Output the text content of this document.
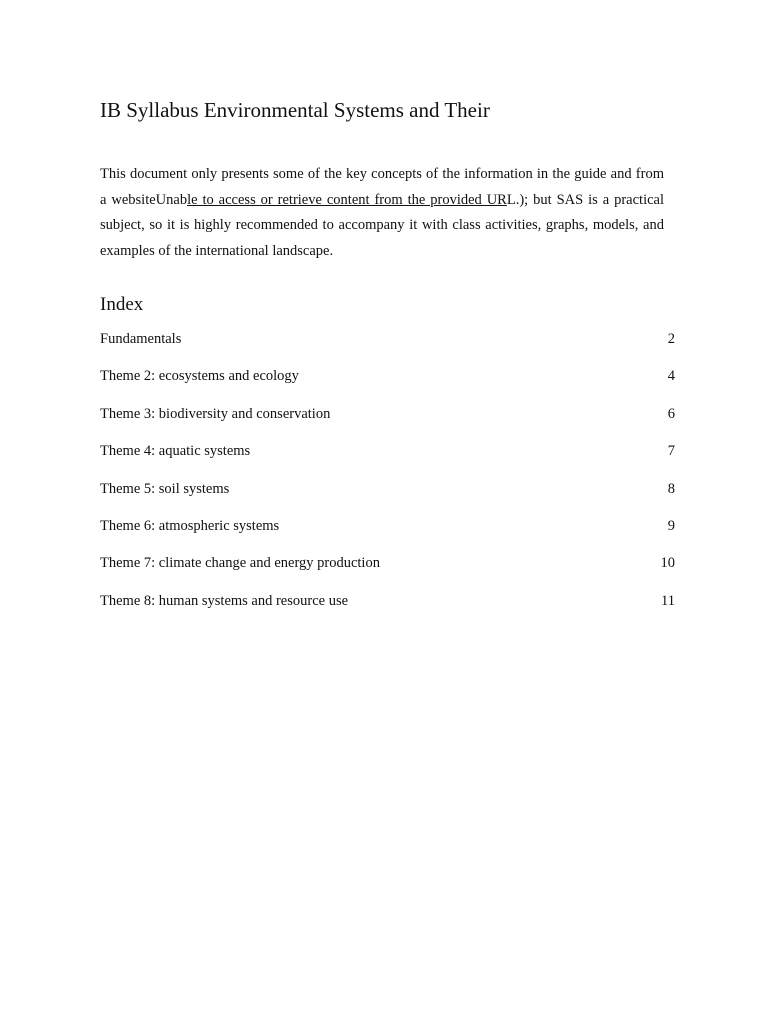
IB Syllabus Environmental Systems and Their

This document only presents some of the key concepts of the information in the guide and from a websiteUnable to access or retrieve content from the provided URL.); but SAS is a practical subject, so it is highly recommended to accompany it with class activities, graphs, models, and examples of the international landscape.

Index
Fundamentals	2
Theme 2: ecosystems and ecology	4
Theme 3: biodiversity and conservation	6
Theme 4: aquatic systems	7
Theme 5: soil systems	8
Theme 6: atmospheric systems	9
Theme 7: climate change and energy production	10
Theme 8: human systems and resource use	11
